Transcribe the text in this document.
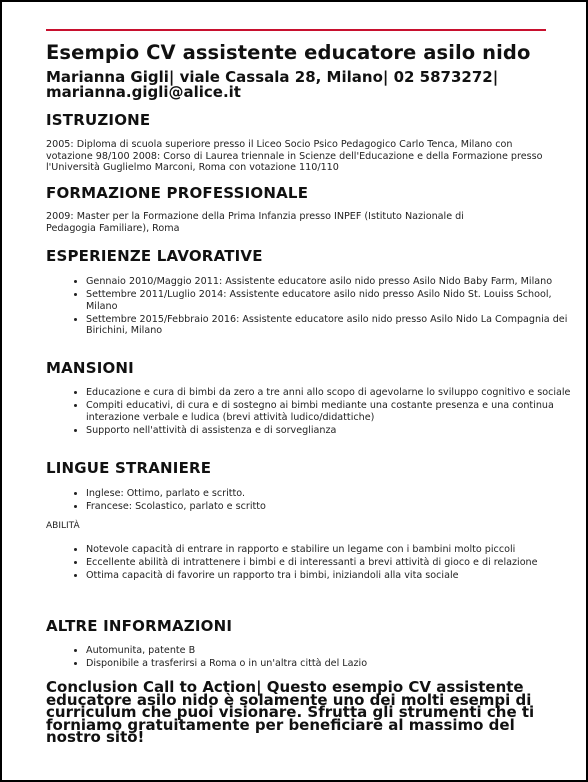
Esempio CV assistente educatore asilo nido
Marianna Gigli| viale Cassala 28, Milano| 02 5873272| marianna.gigli@alice.it
ISTRUZIONE

2005: Diploma di scuola superiore presso il Liceo Socio Psico Pedagogico Carlo Tenca, Milano con votazione 98/100 2008: Corso di Laurea triennale in Scienze dell'Educazione e della Formazione presso l'Università Guglielmo Marconi, Roma con votazione 110/110

FORMAZIONE PROFESSIONALE

2009: Master per la Formazione della Prima Infanzia presso INPEF (Istituto Nazionale di Pedagogia Familiare), Roma

ESPERIENZE LAVORATIVE
• Gennaio 2010/Maggio 2011: Assistente educatore asilo nido presso Asilo Nido Baby Farm, Milano
• Settembre 2011/Luglio 2014: Assistente educatore asilo nido presso Asilo Nido St. Louiss School, Milano
• Settembre 2015/Febbraio 2016: Assistente educatore asilo nido presso Asilo Nido La Compagnia dei Birichini, Milano
MANSIONI
• Educazione e cura di bimbi da zero a tre anni allo scopo di agevolarne lo sviluppo cognitivo e sociale
• Compiti educativi, di cura e di sostegno ai bimbi mediante una costante presenza e una continua interazione verbale e ludica (brevi attività ludico/didattiche)
• Supporto nell'attività di assistenza e di sorveglianza
LINGUE STRANIERE
• Inglese: Ottimo, parlato e scritto.
• Francese: Scolastico, parlato e scritto
ABILITÀ
• Notevole capacità di entrare in rapporto e stabilire un legame con i bambini molto piccoli
• Eccellente abilità di intrattenere i bimbi e di interessanti a brevi attività di gioco e di relazione
• Ottima capacità di favorire un rapporto tra i bimbi, iniziandoli alla vita sociale
ALTRE INFORMAZIONI
• Automunita, patente B
• Disponibile a trasferirsi a Roma o in un'altra città del Lazio

Conclusion Call to Action| Questo esempio CV assistente educatore asilo nido è solamente uno dei molti esempi di curriculum che puoi visionare. Sfrutta gli strumenti che ti forniamo gratuitamente per beneficiare al massimo del nostro sito!
